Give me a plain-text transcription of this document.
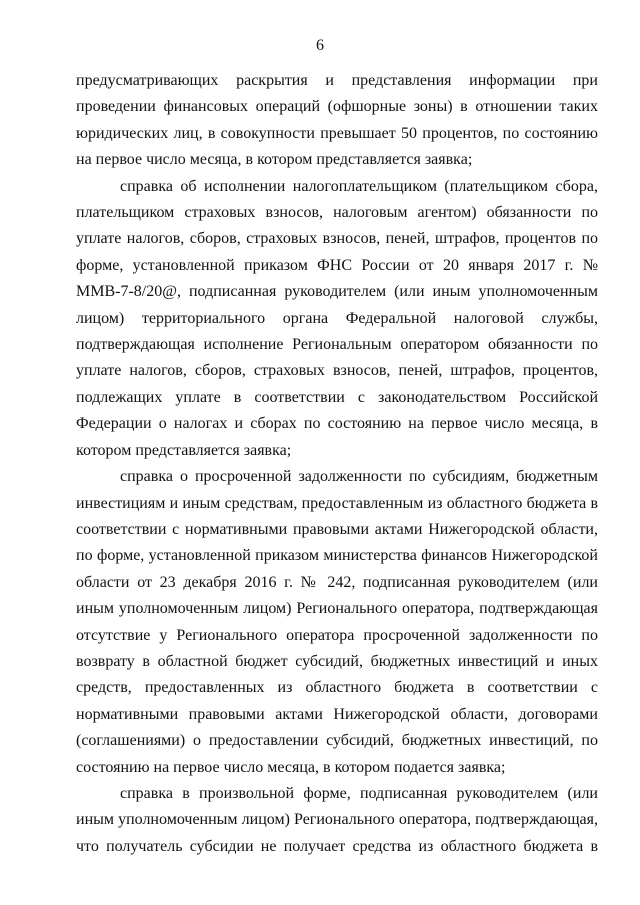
6

предусматривающих раскрытия и представления информации при проведении финансовых операций (офшорные зоны) в отношении таких юридических лиц, в совокупности превышает 50 процентов, по состоянию на первое число месяца, в котором представляется заявка;

справка об исполнении налогоплательщиком (плательщиком сбора, плательщиком страховых взносов, налоговым агентом) обязанности по уплате налогов, сборов, страховых взносов, пеней, штрафов, процентов по форме, установленной приказом ФНС России от 20 января 2017 г. № ММВ-7-8/20@, подписанная руководителем (или иным уполномоченным лицом) территориального органа Федеральной налоговой службы, подтверждающая исполнение Региональным оператором обязанности по уплате налогов, сборов, страховых взносов, пеней, штрафов, процентов, подлежащих уплате в соответствии с законодательством Российской Федерации о налогах и сборах по состоянию на первое число месяца, в котором представляется заявка;

справка о просроченной задолженности по субсидиям, бюджетным инвестициям и иным средствам, предоставленным из областного бюджета в соответствии с нормативными правовыми актами Нижегородской области, по форме, установленной приказом министерства финансов Нижегородской области от 23 декабря 2016 г. № 242, подписанная руководителем (или иным уполномоченным лицом) Регионального оператора, подтверждающая отсутствие у Регионального оператора просроченной задолженности по возврату в областной бюджет субсидий, бюджетных инвестиций и иных средств, предоставленных из областного бюджета в соответствии с нормативными правовыми актами Нижегородской области, договорами (соглашениями) о предоставлении субсидий, бюджетных инвестиций, по состоянию на первое число месяца, в котором подается заявка;

справка в произвольной форме, подписанная руководителем (или иным уполномоченным лицом) Регионального оператора, подтверждающая, что получатель субсидии не получает средства из областного бюджета в
